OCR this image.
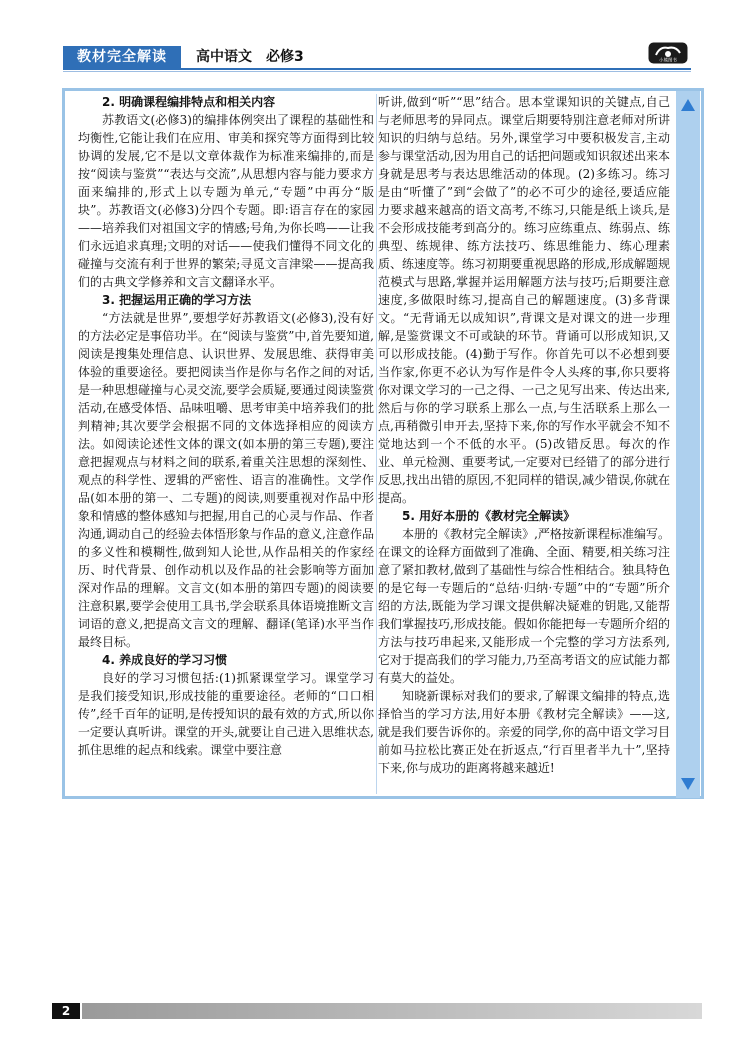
教材完全解读	高中语文 必修3	小熊图书
2. 明确课程编排特点和相关内容

苏教语文(必修3)的编排体例突出了课程的基础性和均衡性,它能让我们在应用、审美和探究等方面得到比较协调的发展,它不是以文章体裁作为标准来编排的,而是按“阅读与鉴赏”“表达与交流”,从思想内容与能力要求方面来编排的,形式上以专题为单元,“专题”中再分“版块”。苏教语文(必修3)分四个专题。即:语言存在的家园——培养我们对祖国文字的情感;号角,为你长鸣——让我们永远追求真理;文明的对话——使我们懂得不同文化的碰撞与交流有利于世界的繁荣;寻觅文言津梁——提高我们的古典文学修养和文言文翻译水平。

3. 把握运用正确的学习方法

“方法就是世界”,要想学好苏教语文(必修3),没有好的方法必定是事倍功半。在“阅读与鉴赏”中,首先要知道,阅读是搜集处理信息、认识世界、发展思维、获得审美体验的重要途径。要把阅读当作是你与名作之间的对话,是一种思想碰撞与心灵交流,要学会质疑,要通过阅读鉴赏活动,在感受体悟、品味咀嚼、思考审美中培养我们的批判精神;其次要学会根据不同的文体选择相应的阅读方法。如阅读论述性文体的课文(如本册的第三专题),要注意把握观点与材料之间的联系,着重关注思想的深刻性、观点的科学性、逻辑的严密性、语言的准确性。文学作品(如本册的第一、二专题)的阅读,则要重视对作品中形象和情感的整体感知与把握,用自己的心灵与作品、作者沟通,调动自己的经验去体悟形象与作品的意义,注意作品的多义性和模糊性,做到知人论世,从作品相关的作家经历、时代背景、创作动机以及作品的社会影响等方面加深对作品的理解。文言文(如本册的第四专题)的阅读要注意积累,要学会使用工具书,学会联系具体语境推断文言词语的意义,把提高文言文的理解、翻译(笔译)水平当作最终目标。

4. 养成良好的学习习惯

良好的学习习惯包括:(1)抓紧课堂学习。课堂学习是我们接受知识,形成技能的重要途径。老师的“口口相传”,经千百年的证明,是传授知识的最有效的方式,所以你一定要认真听讲。课堂的开头,就要让自己进入思维状态,抓住思维的起点和线索。课堂中要注意

听讲,做到“听”“思”结合。思本堂课知识的关键点,自己与老师思考的异同点。课堂后期要特别注意老师对所讲知识的归纳与总结。另外,课堂学习中要积极发言,主动参与课堂活动,因为用自己的话把问题或知识叙述出来本身就是思考与表达思维活动的体现。(2)多练习。练习是由“听懂了”到“会做了”的必不可少的途径,要适应能力要求越来越高的语文高考,不练习,只能是纸上谈兵,是不会形成技能考到高分的。练习应练重点、练弱点、练典型、练规律、练方法技巧、练思维能力、练心理素质、练速度等。练习初期要重视思路的形成,形成解题规范模式与思路,掌握并运用解题方法与技巧;后期要注意速度,多做限时练习,提高自己的解题速度。(3)多背课文。“无背诵无以成知识”,背课文是对课文的进一步理解,是鉴赏课文不可或缺的环节。背诵可以形成知识,又可以形成技能。(4)勤于写作。你首先可以不必想到要当作家,你更不必认为写作是件令人头疼的事,你只要将你对课文学习的一己之得、一己之见写出来、传达出来,然后与你的学习联系上那么一点,与生活联系上那么一点,再稍微引申开去,坚持下来,你的写作水平就会不知不觉地达到一个不低的水平。(5)改错反思。每次的作业、单元检测、重要考试,一定要对已经错了的部分进行反思,找出出错的原因,不犯同样的错误,减少错误,你就在提高。

5. 用好本册的《教材完全解读》

本册的《教材完全解读》,严格按新课程标准编写。在课文的诠释方面做到了准确、全面、精要,相关练习注意了紧扣教材,做到了基础性与综合性相结合。独具特色的是它每一专题后的“总结·归纳·专题”中的“专题”所介绍的方法,既能为学习课文提供解决疑难的钥匙,又能帮我们掌握技巧,形成技能。假如你能把每一专题所介绍的方法与技巧串起来,又能形成一个完整的学习方法系列,它对于提高我们的学习能力,乃至高考语文的应试能力都有莫大的益处。

知晓新课标对我们的要求,了解课文编排的特点,选择恰当的学习方法,用好本册《教材完全解读》——这,就是我们要告诉你的。亲爱的同学,你的高中语文学习目前如马拉松比赛正处在折返点,“行百里者半九十”,坚持下来,你与成功的距离将越来越近!

2
